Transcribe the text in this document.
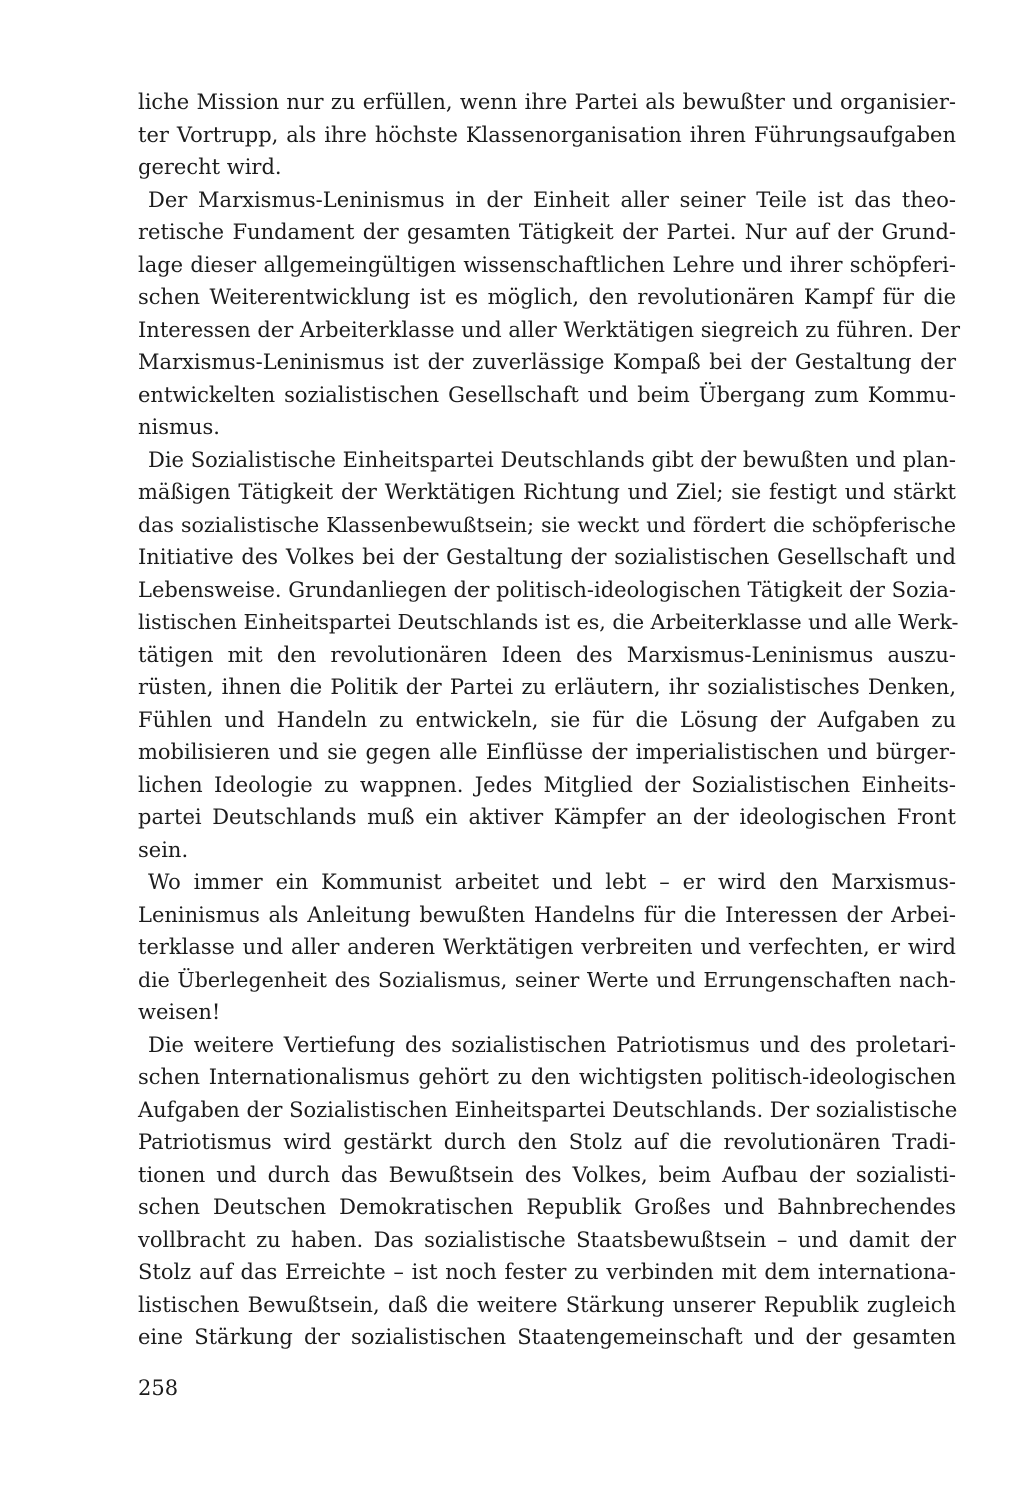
liche Mission nur zu erfüllen, wenn ihre Partei als bewußter und organisier-
ter Vortrupp, als ihre höchste Klassenorganisation ihren Führungsaufgaben
gerecht wird.
Der Marxismus-Leninismus in der Einheit aller seiner Teile ist das theo-
retische Fundament der gesamten Tätigkeit der Partei. Nur auf der Grund-
lage dieser allgemeingültigen wissenschaftlichen Lehre und ihrer schöpferi-
schen Weiterentwicklung ist es möglich, den revolutionären Kampf für die
Interessen der Arbeiterklasse und aller Werktätigen siegreich zu führen. Der
Marxismus-Leninismus ist der zuverlässige Kompaß bei der Gestaltung der
entwickelten sozialistischen Gesellschaft und beim Übergang zum Kommu-
nismus.
Die Sozialistische Einheitspartei Deutschlands gibt der bewußten und plan-
mäßigen Tätigkeit der Werktätigen Richtung und Ziel; sie festigt und stärkt
das sozialistische Klassenbewußtsein; sie weckt und fördert die schöpferische
Initiative des Volkes bei der Gestaltung der sozialistischen Gesellschaft und
Lebensweise. Grundanliegen der politisch-ideologischen Tätigkeit der Sozia-
listischen Einheitspartei Deutschlands ist es, die Arbeiterklasse und alle Werk-
tätigen mit den revolutionären Ideen des Marxismus-Leninismus auszu-
rüsten, ihnen die Politik der Partei zu erläutern, ihr sozialistisches Denken,
Fühlen und Handeln zu entwickeln, sie für die Lösung der Aufgaben zu
mobilisieren und sie gegen alle Einflüsse der imperialistischen und bürger-
lichen Ideologie zu wappnen. Jedes Mitglied der Sozialistischen Einheits-
partei Deutschlands muß ein aktiver Kämpfer an der ideologischen Front
sein.
Wo immer ein Kommunist arbeitet und lebt – er wird den Marxismus-
Leninismus als Anleitung bewußten Handelns für die Interessen der Arbei-
terklasse und aller anderen Werktätigen verbreiten und verfechten, er wird
die Überlegenheit des Sozialismus, seiner Werte und Errungenschaften nach-
weisen!
Die weitere Vertiefung des sozialistischen Patriotismus und des proletari-
schen Internationalismus gehört zu den wichtigsten politisch-ideologischen
Aufgaben der Sozialistischen Einheitspartei Deutschlands. Der sozialistische
Patriotismus wird gestärkt durch den Stolz auf die revolutionären Tradi-
tionen und durch das Bewußtsein des Volkes, beim Aufbau der sozialisti-
schen Deutschen Demokratischen Republik Großes und Bahnbrechendes
vollbracht zu haben. Das sozialistische Staatsbewußtsein – und damit der
Stolz auf das Erreichte – ist noch fester zu verbinden mit dem internationa-
listischen Bewußtsein, daß die weitere Stärkung unserer Republik zugleich
eine Stärkung der sozialistischen Staatengemeinschaft und der gesamten
258
